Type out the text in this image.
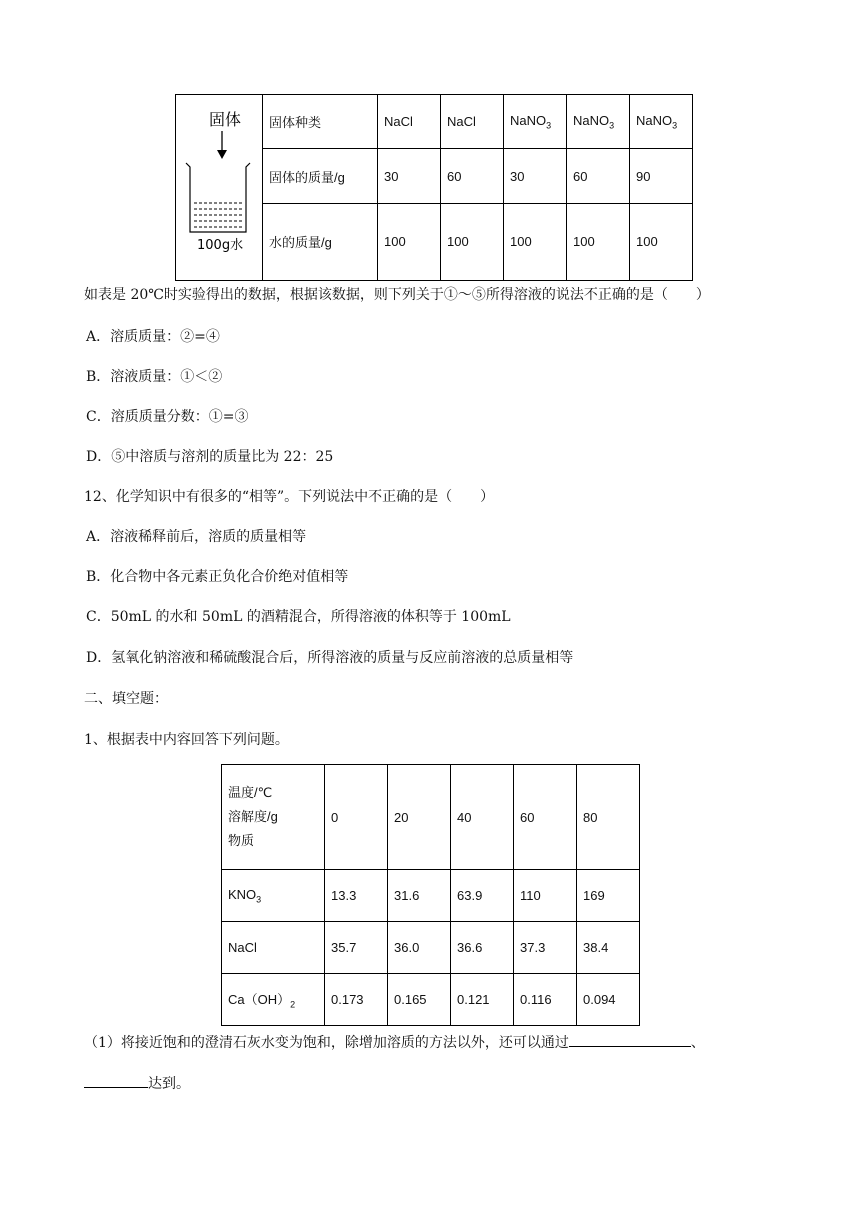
固体
100g水	固体种类	NaCl	NaCl	NaNO$_3$	NaNO$_3$	NaNO$_3$
	固体的质量/g	30	60	30	60	90
	水的质量/g	100	100	100	100	100
如表是 20℃时实验得出的数据，根据该数据，则下列关于①～⑤所得溶液的说法不正确的是（　　）
A．溶质质量：②=④
B．溶液质量：①＜②
C．溶质质量分数：①=③
D．⑤中溶质与溶剂的质量比为 22：25
12、化学知识中有很多的“相等”。下列说法中不正确的是（　　）
A．溶液稀释前后，溶质的质量相等
B．化合物中各元素正负化合价绝对值相等
C．50mL 的水和 50mL 的酒精混合，所得溶液的体积等于 100mL
D．氢氧化钠溶液和稀硫酸混合后，所得溶液的质量与反应前溶液的总质量相等
二、填空题：
1、根据表中内容回答下列问题。
温度/℃
溶解度/g
物质	0	20	40	60	80
$KNO_3$	13.3	31.6	63.9	110	169
NaCl	35.7	36.0	36.6	37.3	38.4
$Ca(OH)_2$	0.173	0.165	0.121	0.116	0.094
（1）将接近饱和的澄清石灰水变为饱和，除增加溶质的方法以外，还可以通过	、
达到。
